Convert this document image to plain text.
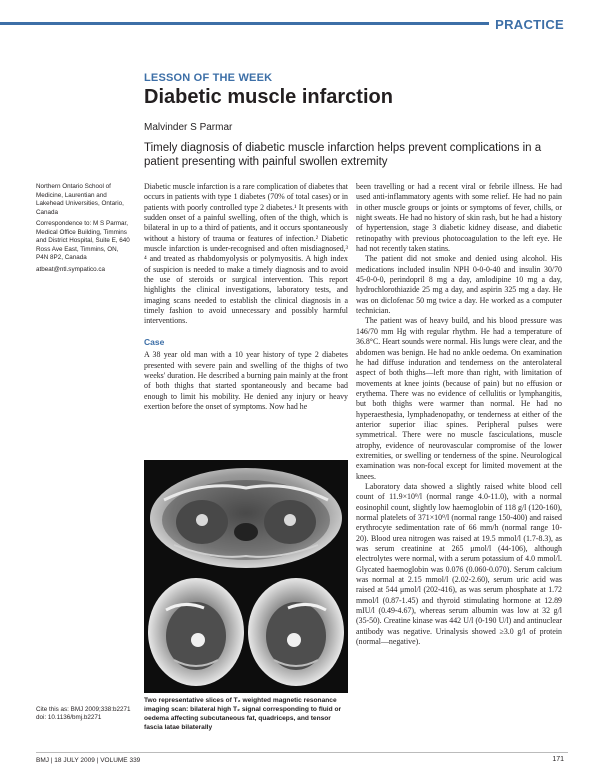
PRACTICE
LESSON OF THE WEEK
Diabetic muscle infarction
Malvinder S Parmar

Timely diagnosis of diabetic muscle infarction helps prevent complications in a patient presenting with painful swollen extremity

Northern Ontario School of Medicine, Laurentian and Lakehead Universities, Ontario, Canada

Correspondence to: M S Parmar, Medical Office Building, Timmins and District Hospital, Suite E, 640 Ross Ave East, Timmins, ON, P4N 8P2, Canada

atbeat@ntl.sympatico.ca

Diabetic muscle infarction is a rare complication of diabetes that occurs in patients with type 1 diabetes (70% of total cases) or in patients with poorly controlled type 2 diabetes.¹ It presents with sudden onset of a painful swelling, often of the thigh, which is bilateral in up to a third of patients, and it occurs spontaneously without a history of trauma or features of infection.² Diabetic muscle infarction is under-recognised and often misdiagnosed,³ ⁴ and treated as rhabdomyolysis or polymyositis. A high index of suspicion is needed to make a timely diagnosis and to avoid the use of steroids or surgical intervention. This report highlights the clinical investigations, laboratory tests, and imaging scans needed to establish the clinical diagnosis in a timely fashion to avoid unnecessary and possibly harmful interventions.

Case

A 38 year old man with a 10 year history of type 2 diabetes presented with severe pain and swelling of the thighs of two weeks' duration. He described a burning pain mainly at the front of both thighs that started spontaneously and became bad enough to limit his mobility. He denied any injury or heavy exertion before the onset of symptoms. Now had he

Two representative slices of T₂ weighted magnetic resonance imaging scan: bilateral high T₂ signal corresponding to fluid or oedema affecting subcutaneous fat, quadriceps, and tensor fascia latae bilaterally

been travelling or had a recent viral or febrile illness. He had used anti-inflammatory agents with some relief. He had no pain in other muscle groups or joints or symptoms of fever, chills, or night sweats. He had no history of skin rash, but he had a history of hypertension, stage 3 diabetic kidney disease, and diabetic retinopathy with previous photocoagulation to the left eye. He had not recently taken statins.

The patient did not smoke and denied using alcohol. His medications included insulin NPH 0-0-0-40 and insulin 30/70 45-0-0-0, perindopril 8 mg a day, amlodipine 10 mg a day, hydrochlorothiazide 25 mg a day, and aspirin 325 mg a day. He was on diclofenac 50 mg twice a day. He worked as a computer technician.

The patient was of heavy build, and his blood pressure was 146/70 mm Hg with regular rhythm. He had a temperature of 36.8°C. Heart sounds were normal. His lungs were clear, and the abdomen was benign. He had no ankle oedema. On examination he had diffuse induration and tenderness on the anterolateral aspect of both thighs—left more than right, with limitation of movements at knee joints (because of pain) but no effusion or erythema. There was no evidence of cellulitis or lymphangitis, but both thighs were warmer than normal. He had no hyperaesthesia, lymphadenopathy, or tenderness at either of the anterior superior iliac spines. Peripheral pulses were symmetrical. There were no muscle fasciculations, muscle atrophy, evidence of neurovascular compromise of the lower extremities, or swelling or tenderness of the spine. Neurological examination was non-focal except for limited movement at the knees.

Laboratory data showed a slightly raised white blood cell count of 11.9×10⁹/l (normal range 4.0-11.0), with a normal eosinophil count, slightly low haemoglobin of 118 g/l (120-160), normal platelets of 371×10⁹/l (normal range 150-400) and raised erythrocyte sedimentation rate of 66 mm/h (normal range 10-20). Blood urea nitrogen was raised at 19.5 mmol/l (1.7-8.3), as was serum creatinine at 265 μmol/l (44-106), although electrolytes were normal, with a serum potassium of 4.0 mmol/l. Glycated haemoglobin was 0.076 (0.060-0.070). Serum calcium was normal at 2.15 mmol/l (2.02-2.60), serum uric acid was raised at 544 μmol/l (202-416), as was serum phosphate at 1.72 mmol/l (0.87-1.45) and thyroid stimulating hormone at 12.89 mIU/l (0.49-4.67), whereas serum albumin was low at 32 g/l (35-50). Creatine kinase was 442 U/l (0-190 U/l) and antinuclear antibody was negative. Urinalysis showed ≥3.0 g/l of protein (normal—negative).

Cite this as: BMJ 2009;338:b2271
doi: 10.1136/bmj.b2271
BMJ | 18 JULY 2009 | VOLUME 339	171
